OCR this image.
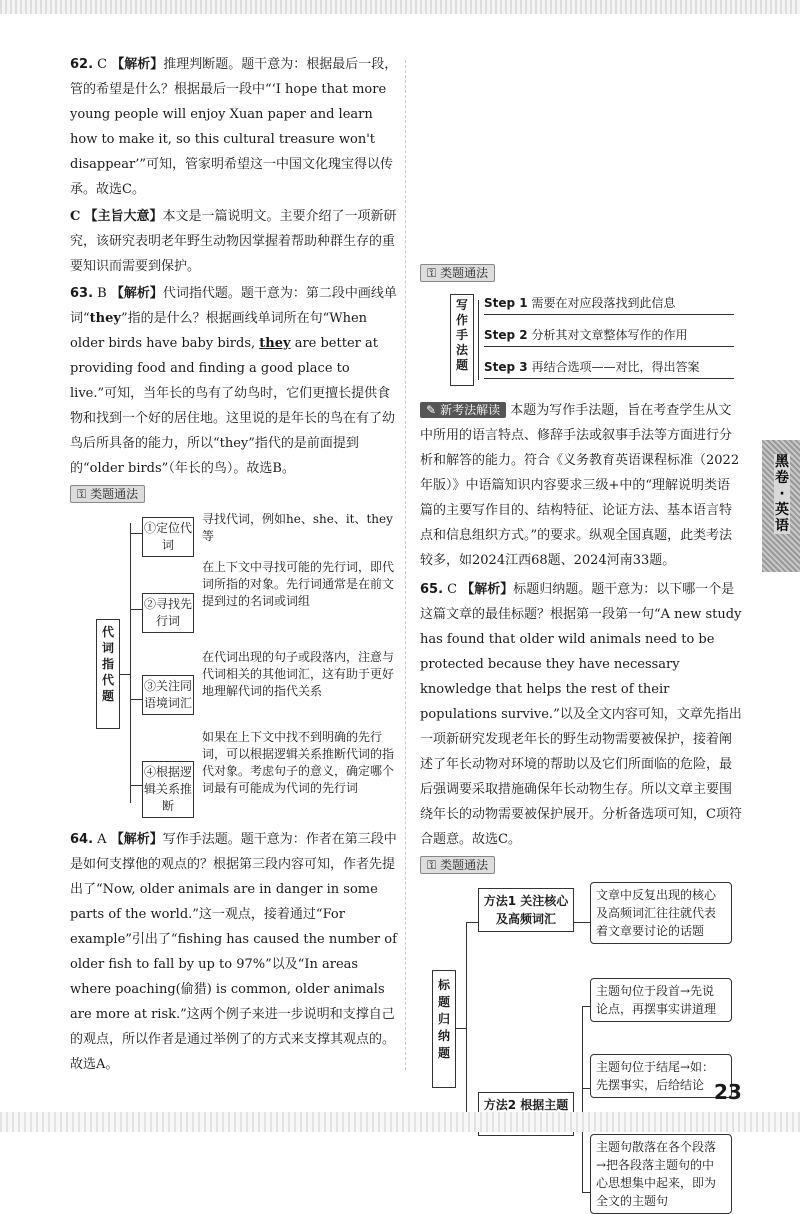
62. C 【解析】推理判断题。题干意为：根据最后一段，管的希望是什么？根据最后一段中“‘I hope that more young people will enjoy Xuan paper and learn how to make it, so this cultural treasure won't disappear’”可知，管家明希望这一中国文化瑰宝得以传承。故选C。
C 【主旨大意】本文是一篇说明文。主要介绍了一项新研究，该研究表明老年野生动物因掌握着帮助种群生存的重要知识而需要到保护。
63. B 【解析】代词指代题。题干意为：第二段中画线单词“they”指的是什么？根据画线单词所在句“When older birds have baby birds, they are better at providing food and finding a good place to live.”可知，当年长的鸟有了幼鸟时，它们更擅长提供食物和找到一个好的居住地。这里说的是年长的鸟在有了幼鸟后所具备的能力，所以“they”指代的是前面提到的“older birds”（年长的鸟）。故选B。
⚿ 类题通法
代词指代题
①定位代词
寻找代词，例如he、she、it、they等
②寻找先行词
在上下文中寻找可能的先行词，即代词所指的对象。先行词通常是在前文提到过的名词或词组
③关注同语境词汇
在代词出现的句子或段落内，注意与代词相关的其他词汇，这有助于更好地理解代词的指代关系
④根据逻辑关系推断
如果在上下文中找不到明确的先行词，可以根据逻辑关系推断代词的指代对象。考虑句子的意义，确定哪个词最有可能成为代词的先行词
64. A 【解析】写作手法题。题干意为：作者在第三段中是如何支撑他的观点的？根据第三段内容可知，作者先提出了“Now, older animals are in danger in some parts of the world.”这一观点，接着通过“For example”引出了“fishing has caused the number of older fish to fall by up to 97%”以及“In areas where poaching(偷猎) is common, older animals are more at risk.”这两个例子来进一步说明和支撑自己的观点，所以作者是通过举例了的方式来支撑其观点的。故选A。
⚿ 类题通法
写作手法题
Step 1 需要在对应段落找到此信息
Step 2 分析其对文章整体写作的作用
Step 3 再结合选项——对比，得出答案
✎ 新考法解读 本题为写作手法题，旨在考查学生从文中所用的语言特点、修辞手法或叙事手法等方面进行分析和解答的能力。符合《义务教育英语课程标准（2022年版）》中语篇知识内容要求三级+中的“理解说明类语篇的主要写作目的、结构特征、论证方法、基本语言特点和信息组织方式。”的要求。纵观全国真题，此类考法较多，如2024江西68题、2024河南33题。
65. C 【解析】标题归纳题。题干意为：以下哪一个是这篇文章的最佳标题？根据第一段第一句“A new study has found that older wild animals need to be protected because they have necessary knowledge that helps the rest of their populations survive.”以及全文内容可知，文章先指出一项新研究发现老年长的野生动物需要被保护，接着阐述了年长动物对环境的帮助以及它们所面临的危险，最后强调要采取措施确保年长动物生存。所以文章主要围绕年长的动物需要被保护展开。分析备选项可知，C项符合题意。故选C。
⚿ 类题通法
标题归纳题
方法1 关注核心及高频词汇
方法2 根据主题
文章中反复出现的核心及高频词汇往往就代表着文章要讨论的话题
主题句位于段首→先说论点，再摆事实讲道理
主题句位于结尾→如：先摆事实，后给结论
主题句散落在各个段落→把各段落主题句的中心思想集中起来，即为全文的主题句
黑卷·英语
23
